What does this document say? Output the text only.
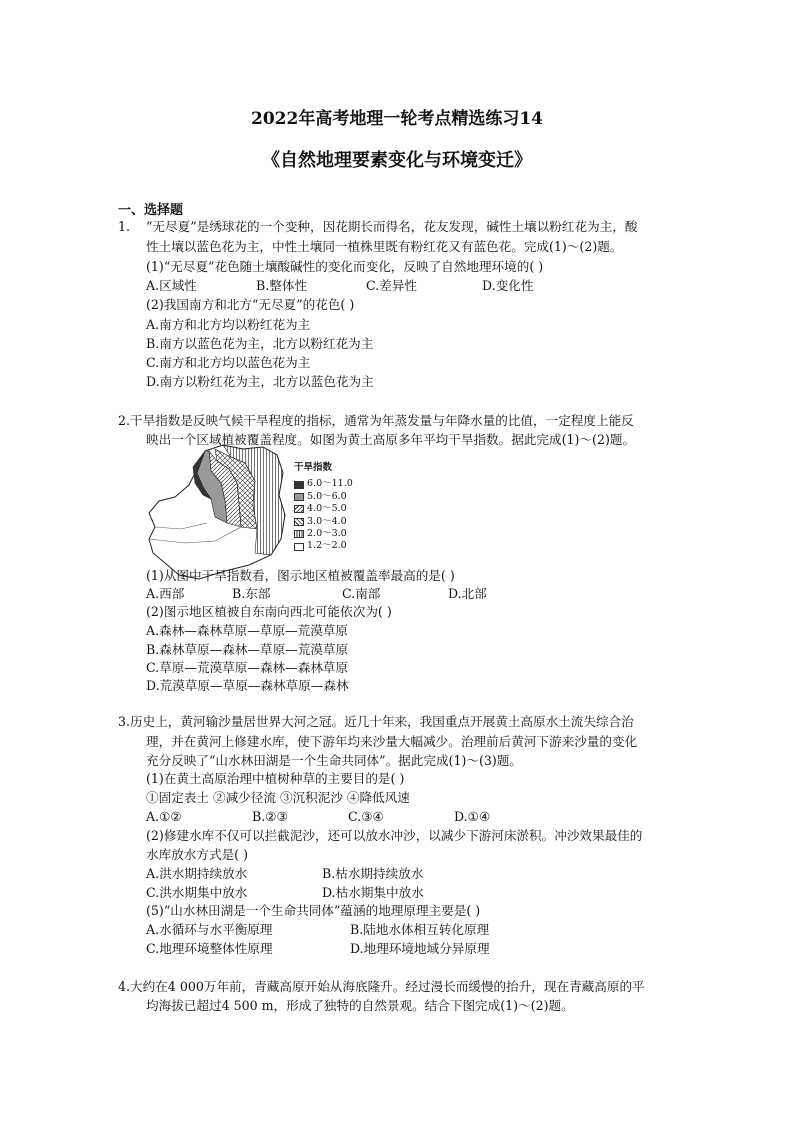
2022年高考地理一轮考点精选练习14
《自然地理要素变化与环境变迁》
一、选择题
1. “无尽夏”是绣球花的一个变种，因花期长而得名，花友发现，碱性土壤以粉红花为主，酸
性土壤以蓝色花为主，中性土壤同一植株里既有粉红花又有蓝色花。完成(1)～(2)题。
(1)“无尽夏”花色随土壤酸碱性的变化而变化，反映了自然地理环境的( )
A.区域性	B.整体性	C.差异性	D.变化性
(2)我国南方和北方“无尽夏”的花色( )
A.南方和北方均以粉红花为主
B.南方以蓝色花为主，北方以粉红花为主
C.南方和北方均以蓝色花为主
D.南方以粉红花为主，北方以蓝色花为主
2.干旱指数是反映气候干旱程度的指标，通常为年蒸发量与年降水量的比值，一定程度上能反
映出一个区域植被覆盖程度。如图为黄土高原多年平均干旱指数。据此完成(1)～(2)题。
干旱指数
6.0～11.0
5.0～6.0
4.0～5.0
3.0～4.0
2.0～3.0
1.2～2.0
(1)从图中干旱指数看，图示地区植被覆盖率最高的是( )
A.西部	B.东部	C.南部	D.北部
(2)图示地区植被自东南向西北可能依次为( )
A.森林—森林草原—草原—荒漠草原
B.森林草原—森林—草原—荒漠草原
C.草原—荒漠草原—森林—森林草原
D.荒漠草原—草原—森林草原—森林
3.历史上，黄河输沙量居世界大河之冠。近几十年来，我国重点开展黄土高原水土流失综合治
理，并在黄河上修建水库，使下游年均来沙量大幅减少。治理前后黄河下游来沙量的变化
充分反映了“山水林田湖是一个生命共同体”。据此完成(1)～(3)题。
(1)在黄土高原治理中植树种草的主要目的是( )
①固定表土 ②减少径流 ③沉积泥沙 ④降低风速
A.①②	B.②③	C.③④	D.①④
(2)修建水库不仅可以拦截泥沙，还可以放水冲沙，以减少下游河床淤积。冲沙效果最佳的
水库放水方式是( )
A.洪水期持续放水	B.枯水期持续放水
C.洪水期集中放水	D.枯水期集中放水
(5)“山水林田湖是一个生命共同体”蕴涵的地理原理主要是( )
A.水循环与水平衡原理	B.陆地水体相互转化原理
C.地理环境整体性原理	D.地理环境地域分异原理
4.大约在4 000万年前，青藏高原开始从海底隆升。经过漫长而缓慢的抬升，现在青藏高原的平
均海拔已超过4 500 m，形成了独特的自然景观。结合下图完成(1)～(2)题。
